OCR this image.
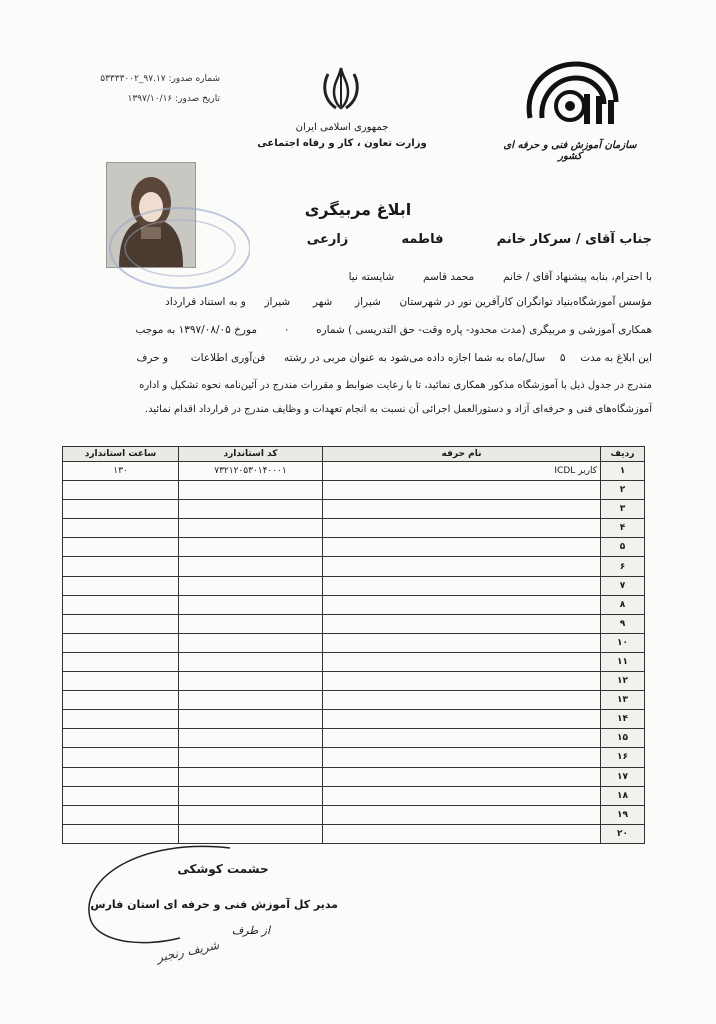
شماره صدور: ۹۷.۱۷_۵۳۳۳۳۰۰۲
تاریخ صدور: ۱۳۹۷/۱۰/۱۶
جمهوری اسلامی ایران
وزارت تعاون ، کار و رفاه اجتماعی	سازمان آموزش فنی و حرفه ای کشور
ابلاغ مربیگری
جناب آقای / سرکار خانم  فاطمه  زارعی
با احترام، بنابه پیشنهاد آقای / خانم  محمد قاسم  شایسته نیا
مؤسس آموزشگاه‌بنیاد توانگران کارآفرین نور در شهرستان  شیراز  شهر  شیراز  و به استناد قرارداد
همکاری آموزشی و مربیگری (مدت محدود- پاره وقت- حق التدریسی ) شماره  ۰  مورخ ۱۳۹۷/۰۸/۰۵ به موجب
این ابلاغ به مدت  ۵  سال/ماه به شما اجازه داده می‌شود به عنوان مربی در رشته  فن‌آوری اطلاعات  و حرف
مندرج در جدول ذیل با آموزشگاه مذکور همکاری نمائید، تا با رعایت ضوابط و مقررات مندرج در آئین‌نامه نحوه تشکیل و اداره
آموزشگاه‌های فنی و حرفه‌ای آزاد و دستورالعمل اجرائی آن نسبت به انجام تعهدات و وظایف مندرج در قرارداد اقدام نمائید.
ردیف	نام حرفه	کد استاندارد	ساعت استاندارد
۱	کاربر ICDL	۷۳۲۱۲۰۵۳۰۱۴۰۰۰۱	۱۳۰
۲			
۳			
۴			
۵			
۶			
۷			
۸			
۹			
۱۰			
۱۱			
۱۲			
۱۳			
۱۴			
۱۵			
۱۶			
۱۷			
۱۸			
۱۹			
۲۰			
حشمت کوشکی
مدیر کل آموزش فنی و حرفه ای استان فارس
از طرف
شریف رنجبر
